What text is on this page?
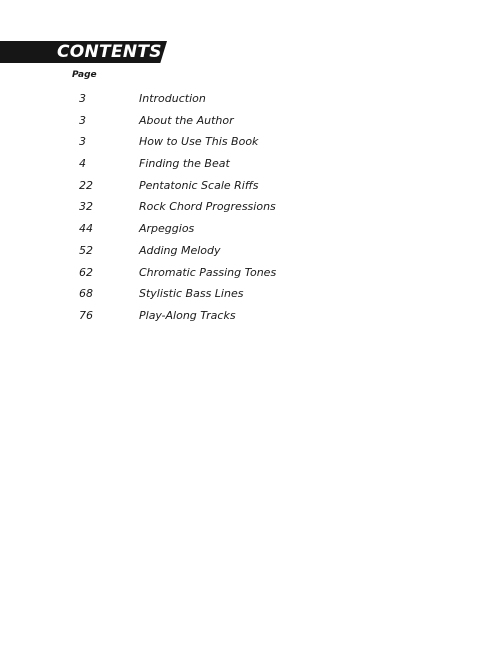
CONTENTS
Page
3	Introduction
3	About the Author
3	How to Use This Book
4	Finding the Beat
22	Pentatonic Scale Riffs
32	Rock Chord Progressions
44	Arpeggios
52	Adding Melody
62	Chromatic Passing Tones
68	Stylistic Bass Lines
76	Play-Along Tracks
